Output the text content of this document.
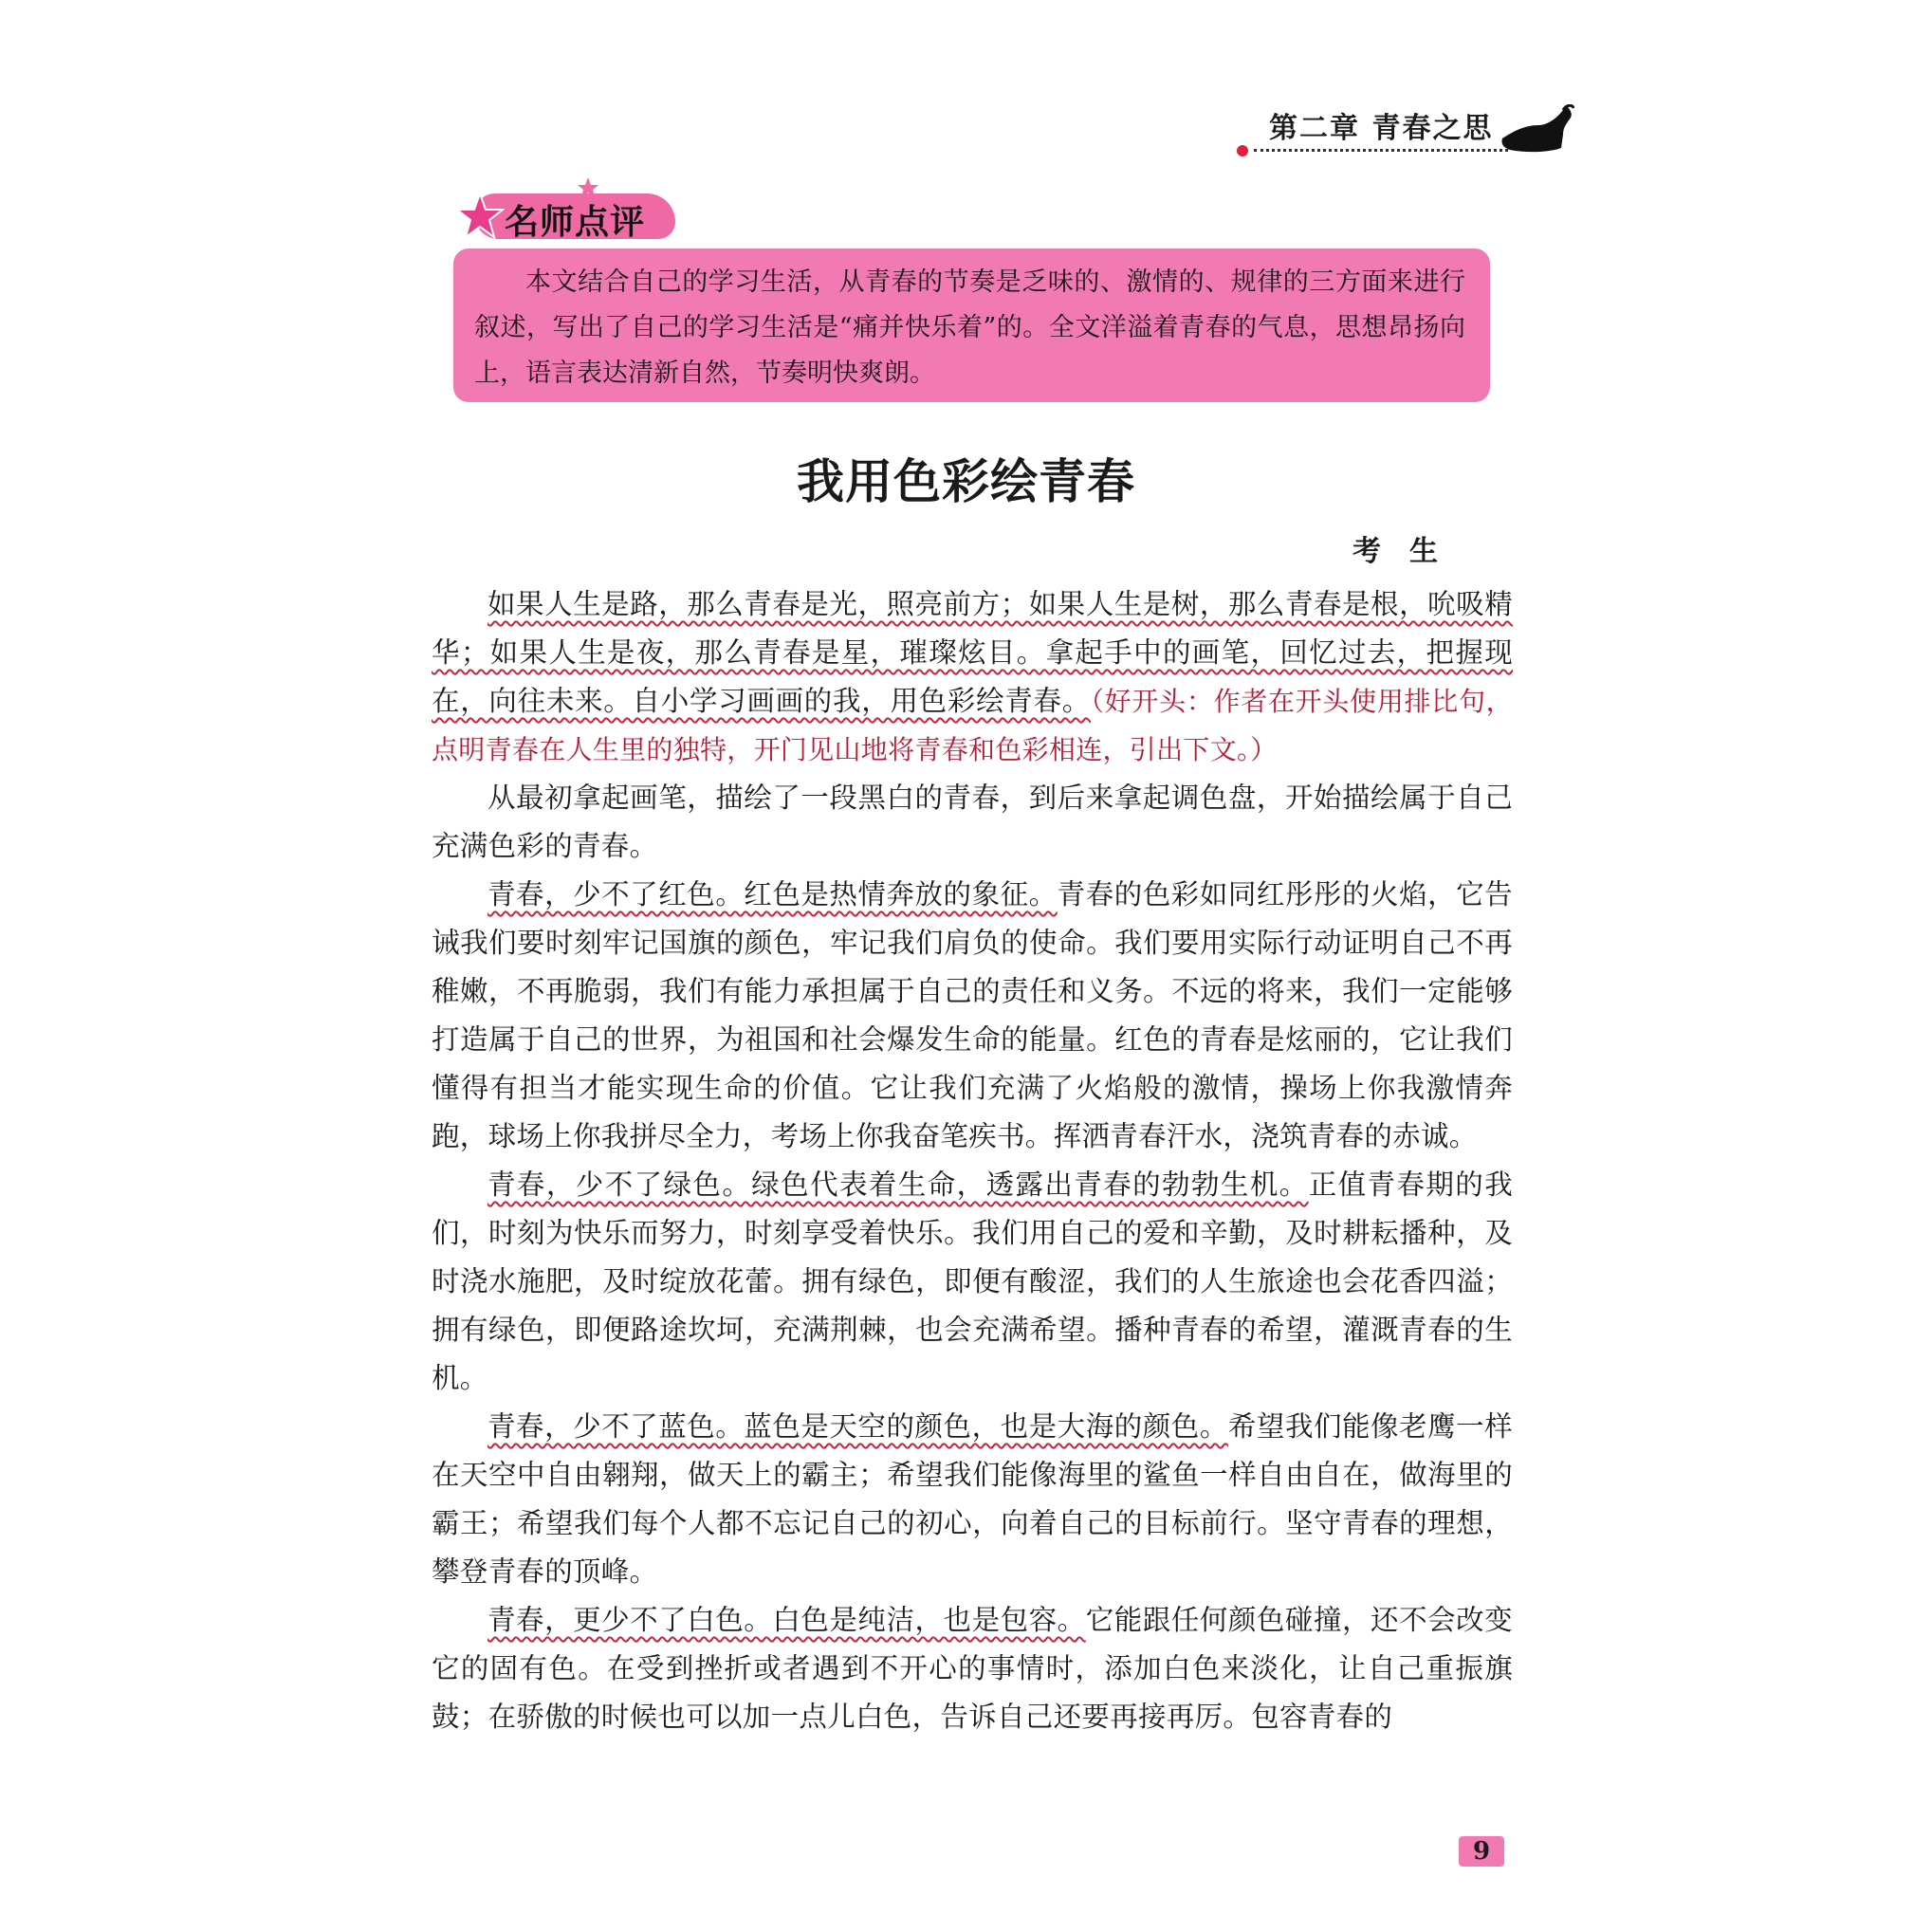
第二章 青春之思
名师点评

本文结合自己的学习生活，从青春的节奏是乏味的、激情的、规律的三方面来进行叙述，写出了自己的学习生活是“痛并快乐着”的。全文洋溢着青春的气息，思想昂扬向上，语言表达清新自然，节奏明快爽朗。

我用色彩绘青春
考生

如果人生是路，那么青春是光，照亮前方；如果人生是树，那么青春是根，吮吸精华；如果人生是夜，那么青春是星，璀璨炫目。拿起手中的画笔，回忆过去，把握现在，向往未来。自小学习画画的我，用色彩绘青春。（好开头：作者在开头使用排比句，点明青春在人生里的独特，开门见山地将青春和色彩相连，引出下文。）

从最初拿起画笔，描绘了一段黑白的青春，到后来拿起调色盘，开始描绘属于自己充满色彩的青春。

青春，少不了红色。红色是热情奔放的象征。青春的色彩如同红彤彤的火焰，它告诫我们要时刻牢记国旗的颜色，牢记我们肩负的使命。我们要用实际行动证明自己不再稚嫩，不再脆弱，我们有能力承担属于自己的责任和义务。不远的将来，我们一定能够打造属于自己的世界，为祖国和社会爆发生命的能量。红色的青春是炫丽的，它让我们懂得有担当才能实现生命的价值。它让我们充满了火焰般的激情，操场上你我激情奔跑，球场上你我拼尽全力，考场上你我奋笔疾书。挥洒青春汗水，浇筑青春的赤诚。

青春，少不了绿色。绿色代表着生命，透露出青春的勃勃生机。正值青春期的我们，时刻为快乐而努力，时刻享受着快乐。我们用自己的爱和辛勤，及时耕耘播种，及时浇水施肥，及时绽放花蕾。拥有绿色，即便有酸涩，我们的人生旅途也会花香四溢；拥有绿色，即便路途坎坷，充满荆棘，也会充满希望。播种青春的希望，灌溉青春的生机。

青春，少不了蓝色。蓝色是天空的颜色，也是大海的颜色。希望我们能像老鹰一样在天空中自由翱翔，做天上的霸主；希望我们能像海里的鲨鱼一样自由自在，做海里的霸王；希望我们每个人都不忘记自己的初心，向着自己的目标前行。坚守青春的理想，攀登青春的顶峰。

青春，更少不了白色。白色是纯洁，也是包容。它能跟任何颜色碰撞，还不会改变它的固有色。在受到挫折或者遇到不开心的事情时，添加白色来淡化，让自己重振旗鼓；在骄傲的时候也可以加一点儿白色，告诉自己还要再接再厉。包容青春的

9
